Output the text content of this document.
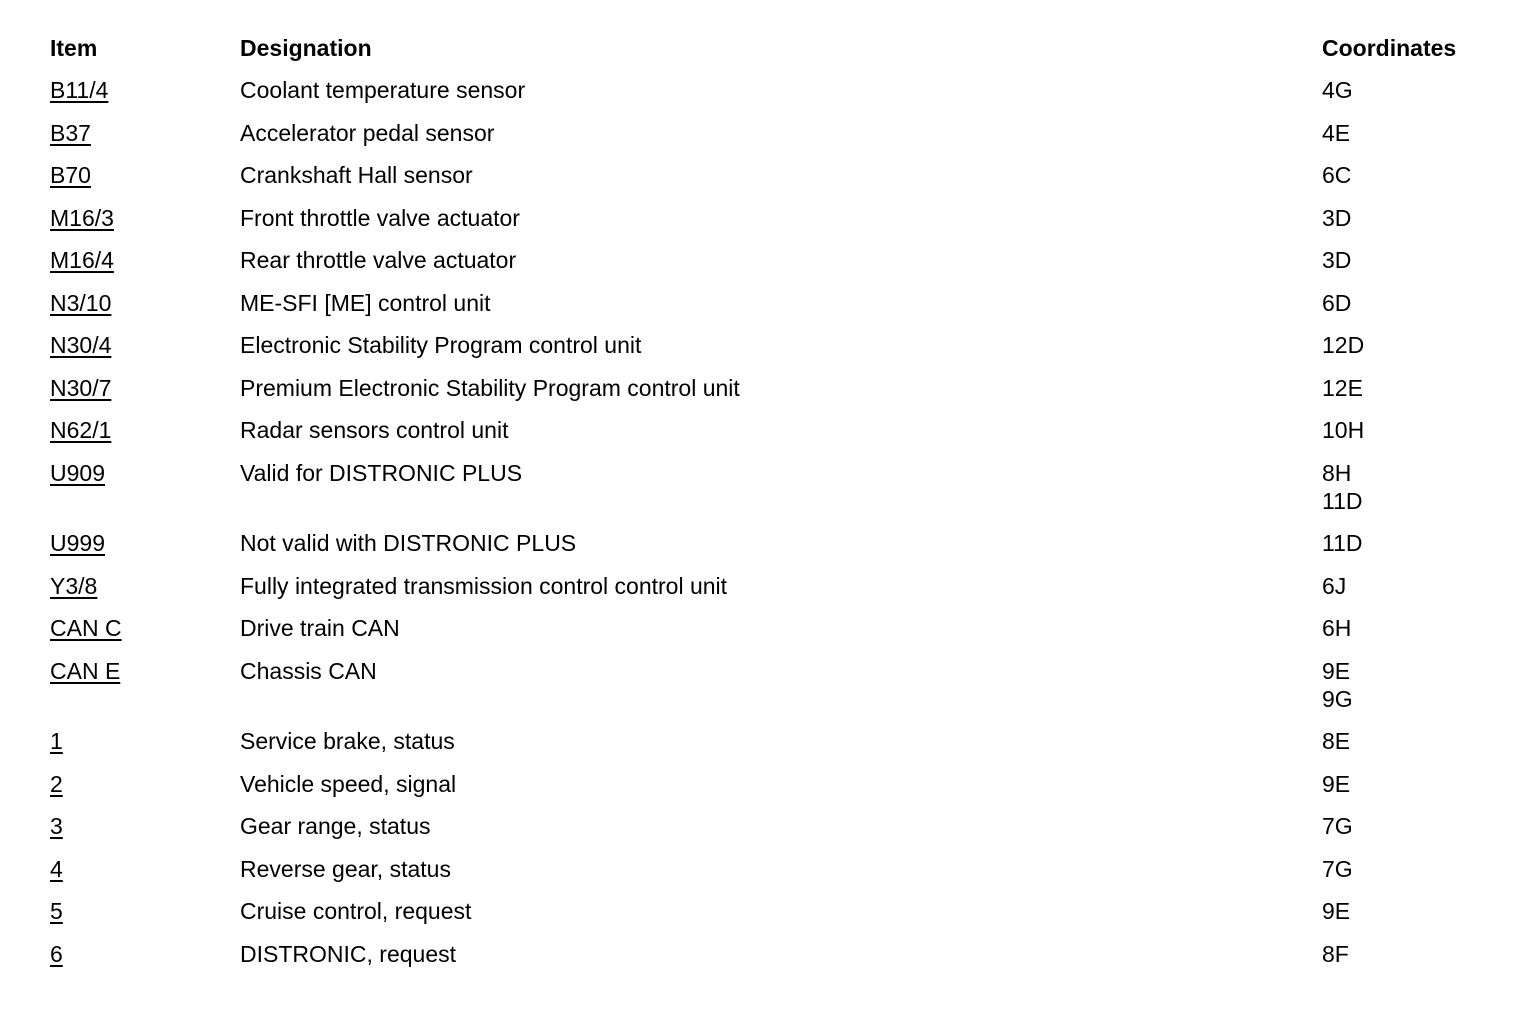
Item	Designation	Coordinates
B11/4	Coolant temperature sensor	4G
B37	Accelerator pedal sensor	4E
B70	Crankshaft Hall sensor	6C
M16/3	Front throttle valve actuator	3D
M16/4	Rear throttle valve actuator	3D
N3/10	ME-SFI [ME] control unit	6D
N30/4	Electronic Stability Program control unit	12D
N30/7	Premium Electronic Stability Program control unit	12E
N62/1	Radar sensors control unit	10H
U909	Valid for DISTRONIC PLUS	8H
11D
U999	Not valid with DISTRONIC PLUS	11D
Y3/8	Fully integrated transmission control control unit	6J
CAN C	Drive train CAN	6H
CAN E	Chassis CAN	9E
9G
1	Service brake, status	8E
2	Vehicle speed, signal	9E
3	Gear range, status	7G
4	Reverse gear, status	7G
5	Cruise control, request	9E
6	DISTRONIC, request	8F
